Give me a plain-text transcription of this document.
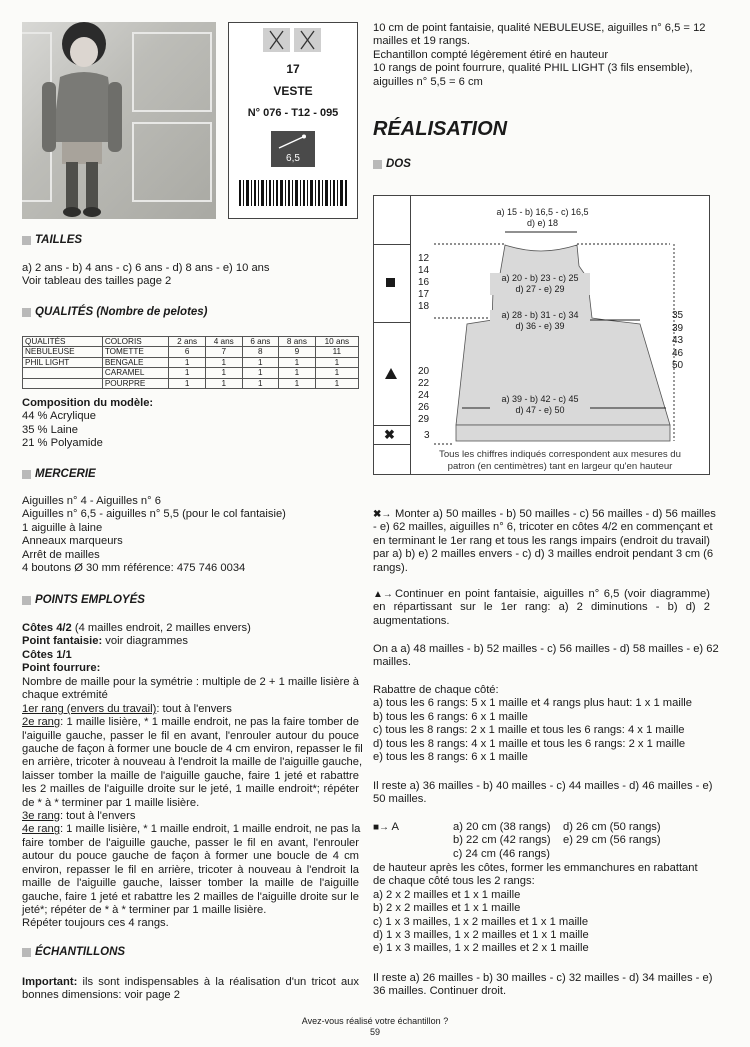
17
VESTE
N° 076 - T12 - 095
6,5
TAILLES
a) 2 ans - b) 4 ans - c) 6 ans - d) 8 ans - e) 10 ans
Voir tableau des tailles page 2
QUALITÉS (Nombre de pelotes)
QUALITÉS	COLORIS	2 ans	4 ans	6 ans	8 ans	10 ans
NEBULEUSE	TOMETTE	6	7	8	9	11
PHIL LIGHT	BENGALE	1	1	1	1	1
	CARAMEL	1	1	1	1	1
	POURPRE	1	1	1	1	1
Composition du modèle:
44 % Acrylique
35 % Laine
21 % Polyamide
MERCERIE
Aiguilles n° 4 - Aiguilles n° 6
Aiguilles n° 6,5 - aiguilles n° 5,5 (pour le col fantaisie)
1 aiguille à laine
Anneaux marqueurs
Arrêt de mailles
4 boutons Ø 30 mm référence: 475 746 0034
POINTS EMPLOYÉS
Côtes 4/2 (4 mailles endroit, 2 mailles envers)
Point fantaisie: voir diagrammes
Côtes 1/1
Point fourrure:
Nombre de maille pour la symétrie : multiple de 2 + 1 maille lisière à
chaque extrémité
1er rang (envers du travail): tout à l'envers
2e rang: 1 maille lisière, * 1 maille endroit, ne pas la faire tomber de
l'aiguille gauche, passer le fil en avant, l'enrouler autour du pouce
gauche de façon à former une boucle de 4 cm environ, repasser le fil
en arrière, tricoter à nouveau à l'endroit la maille de l'aiguille gauche,
laisser tomber la maille de l'aiguille gauche, faire 1 jeté et rabattre
les 2 mailles de l'aiguille droite sur le jeté, 1 maille endroit*; répéter
de * à * terminer par 1 maille lisière.
3e rang: tout à l'envers
4e rang: 1 maille lisière, * 1 maille endroit, 1 maille endroit, ne pas la
faire tomber de l'aiguille gauche, passer le fil en avant, l'enrouler
autour du pouce gauche de façon à former une boucle de 4 cm
environ, repasser le fil en arrière, tricoter à nouveau à l'endroit la
maille de l'aiguille gauche, laisser tomber la maille de l'aiguille
gauche, faire 1 jeté et rabattre les 2 mailles de l'aiguille droite sur le
jeté*; répéter de * à * terminer par 1 maille lisière.
Répéter toujours ces 4 rangs.
ÉCHANTILLONS
Important: ils sont indispensables à la réalisation d'un tricot aux
bonnes dimensions: voir page 2
10 cm de point fantaisie, qualité NEBULEUSE, aiguilles n° 6,5 = 12
mailles et 19 rangs.
Echantillon compté légèrement étiré en hauteur
10 rangs de point fourrure, qualité PHIL LIGHT (3 fils ensemble),
aiguilles n° 5,5 = 6 cm
RÉALISATION
DOS
a) 15 - b) 16,5 - c) 16,5
d) e) 18
a) 20 - b) 23 - c) 25
d) 27 - e) 29
a) 28 - b) 31 - c) 34
d) 36 - e) 39
a) 39 - b) 42 - c) 45
d) 47 - e) 50
✖
12
14
16
17
18
20
22
24
26
29
3
35
39
43
46
50
Tous les chiffres indiqués correspondent aux mesures du
patron (en centimètres) tant en largeur qu'en hauteur
✖→ Monter a) 50 mailles - b) 50 mailles - c) 56 mailles - d) 56 mailles
- e) 62 mailles, aiguilles n° 6, tricoter en côtes 4/2 en commençant et
en terminant le 1er rang et tous les rangs impairs (endroit du travail)
par a) b) e) 2 mailles envers - c) d) 3 mailles endroit pendant 3 cm (6
rangs).
▲→ Continuer en point fantaisie, aiguilles n° 6,5 (voir diagramme)
en répartissant sur le 1er rang: a) 2 diminutions - b) d) 2
augmentations.
On a a) 48 mailles - b) 52 mailles - c) 56 mailles - d) 58 mailles - e) 62
mailles.
Rabattre de chaque côté:
a) tous les 6 rangs: 5 x 1 maille et 4 rangs plus haut: 1 x 1 maille
b) tous les 6 rangs: 6 x 1 maille
c) tous les 8 rangs: 2 x 1 maille et tous les 6 rangs: 4 x 1 maille
d) tous les 8 rangs: 4 x 1 maille et tous les 6 rangs: 2 x 1 maille
e) tous les 8 rangs: 6 x 1 maille
Il reste a) 36 mailles - b) 40 mailles - c) 44 mailles - d) 46 mailles - e)
50 mailles.
■→ A	a) 20 cm (38 rangs)
b) 22 cm (42 rangs)
c) 24 cm (46 rangs)
d) 26 cm (50 rangs)
e) 29 cm (56 rangs)
de hauteur après les côtes, former les emmanchures en rabattant
de chaque côté tous les 2 rangs:
a) 2 x 2 mailles et 1 x 1 maille
b) 2 x 2 mailles et 1 x 1 maille
c) 1 x 3 mailles, 1 x 2 mailles et 1 x 1 maille
d) 1 x 3 mailles, 1 x 2 mailles et 1 x 1 maille
e) 1 x 3 mailles, 1 x 2 mailles et 2 x 1 maille
Il reste a) 26 mailles - b) 30 mailles - c) 32 mailles - d) 34 mailles - e)
36 mailles. Continuer droit.
Avez-vous réalisé votre échantillon ?
59
